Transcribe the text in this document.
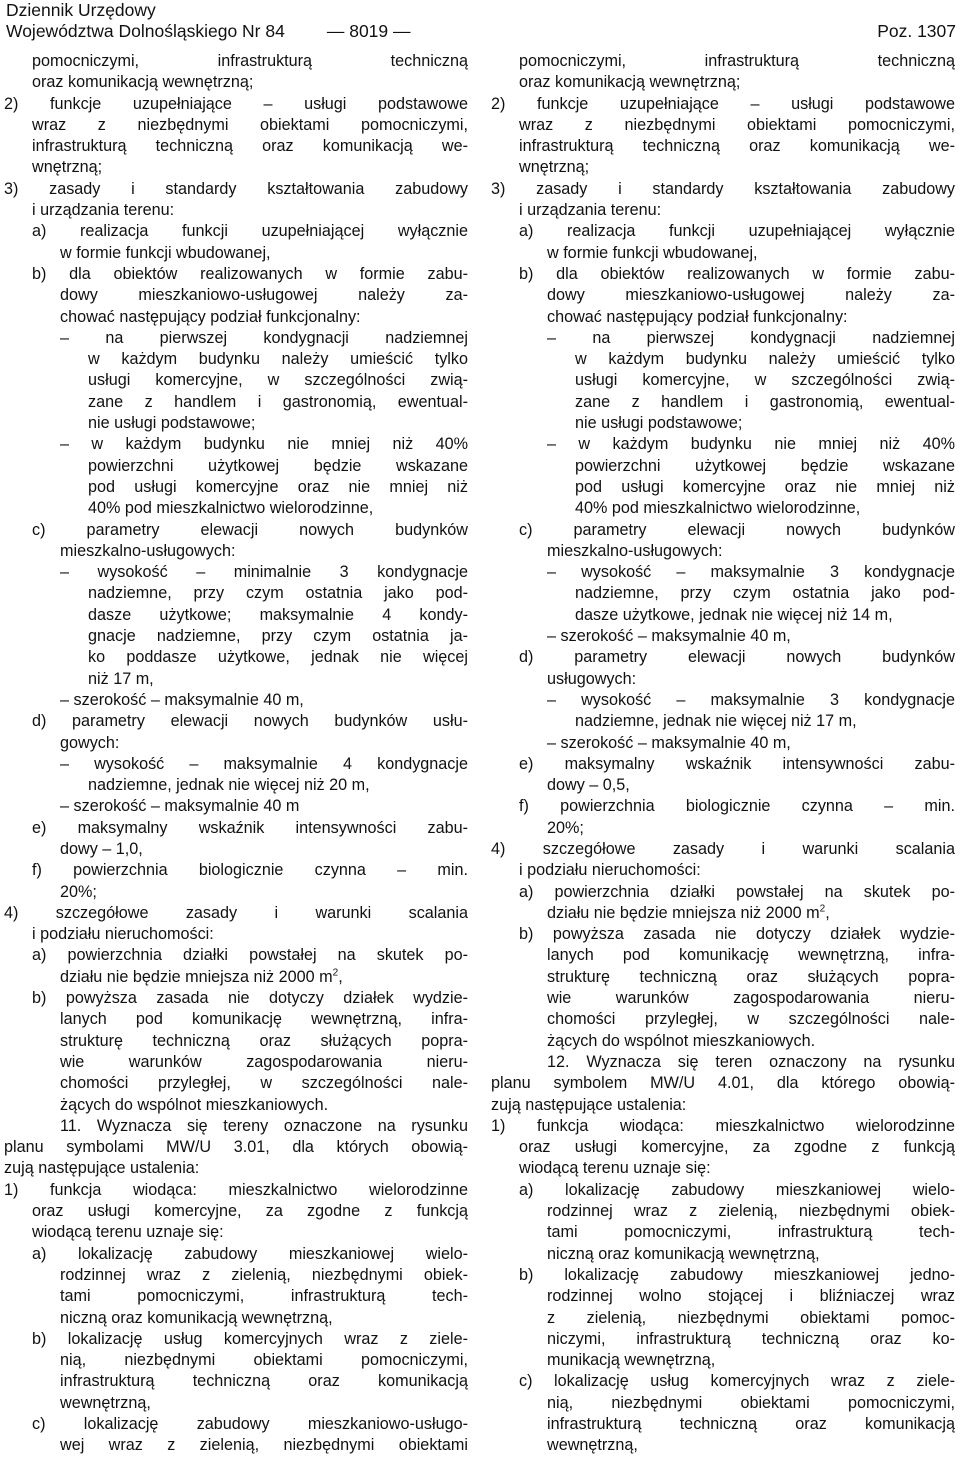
Dziennik Urzędowy
Województwa Dolnośląskiego Nr 84 — 8019 —	Poz. 1307
pomocniczymi, infrastrukturą techniczną
oraz komunikacją wewnętrzną;
2) funkcje uzupełniające – usługi podstawowe
wraz z niezbędnymi obiektami pomocniczymi,
infrastrukturą techniczną oraz komunikacją we-
wnętrzną;
3) zasady i standardy kształtowania zabudowy
i urządzania terenu:
a) realizacja funkcji uzupełniającej wyłącznie
w formie funkcji wbudowanej,
b) dla obiektów realizowanych w formie zabu-
dowy mieszkaniowo-usługowej należy za-
chować następujący podział funkcjonalny:
– na pierwszej kondygnacji nadziemnej
w każdym budynku należy umieścić tylko
usługi komercyjne, w szczególności zwią-
zane z handlem i gastronomią, ewentual-
nie usługi podstawowe;
– w każdym budynku nie mniej niż 40%
powierzchni użytkowej będzie wskazane
pod usługi komercyjne oraz nie mniej niż
40% pod mieszkalnictwo wielorodzinne,
c) parametry elewacji nowych budynków
mieszkalno-usługowych:
– wysokość – minimalnie 3 kondygnacje
nadziemne, przy czym ostatnia jako pod-
dasze użytkowe; maksymalnie 4 kondy-
gnacje nadziemne, przy czym ostatnia ja-
ko poddasze użytkowe, jednak nie więcej
niż 17 m,
– szerokość – maksymalnie 40 m,
d) parametry elewacji nowych budynków usłu-
gowych:
– wysokość – maksymalnie 4 kondygnacje
nadziemne, jednak nie więcej niż 20 m,
– szerokość – maksymalnie 40 m
e) maksymalny wskaźnik intensywności zabu-
dowy – 1,0,
f) powierzchnia biologicznie czynna – min.
20%;
4) szczegółowe zasady i warunki scalania
i podziału nieruchomości:
a) powierzchnia działki powstałej na skutek po-
działu nie będzie mniejsza niż 2000 $m^2$,
b) powyższa zasada nie dotyczy działek wydzie-
lanych pod komunikację wewnętrzną, infra-
strukturę techniczną oraz służących popra-
wie warunków zagospodarowania nieru-
chomości przyległej, w szczególności nale-
żących do wspólnot mieszkaniowych.
11. Wyznacza się tereny oznaczone na rysunku
planu symbolami MW/U 3.01, dla których obowią-
zują następujące ustalenia:
1) funkcja wiodąca: mieszkalnictwo wielorodzinne
oraz usługi komercyjne, za zgodne z funkcją
wiodącą terenu uznaje się:
a) lokalizację zabudowy mieszkaniowej wielo-
rodzinnej wraz z zielenią, niezbędnymi obiek-
tami pomocniczymi, infrastrukturą tech-
niczną oraz komunikacją wewnętrzną,
b) lokalizację usług komercyjnych wraz z ziele-
nią, niezbędnymi obiektami pomocniczymi,
infrastrukturą techniczną oraz komunikacją
wewnętrzną,
c) lokalizację zabudowy mieszkaniowo-usługo-
wej wraz z zielenią, niezbędnymi obiektami
pomocniczymi, infrastrukturą techniczną
oraz komunikacją wewnętrzną;
2) funkcje uzupełniające – usługi podstawowe
wraz z niezbędnymi obiektami pomocniczymi,
infrastrukturą techniczną oraz komunikacją we-
wnętrzną;
3) zasady i standardy kształtowania zabudowy
i urządzania terenu:
a) realizacja funkcji uzupełniającej wyłącznie
w formie funkcji wbudowanej,
b) dla obiektów realizowanych w formie zabu-
dowy mieszkaniowo-usługowej należy za-
chować następujący podział funkcjonalny:
– na pierwszej kondygnacji nadziemnej
w każdym budynku należy umieścić tylko
usługi komercyjne, w szczególności zwią-
zane z handlem i gastronomią, ewentual-
nie usługi podstawowe;
– w każdym budynku nie mniej niż 40%
powierzchni użytkowej będzie wskazane
pod usługi komercyjne oraz nie mniej niż
40% pod mieszkalnictwo wielorodzinne,
c) parametry elewacji nowych budynków
mieszkalno-usługowych:
– wysokość – maksymalnie 3 kondygnacje
nadziemne, przy czym ostatnia jako pod-
dasze użytkowe, jednak nie więcej niż 14 m,
– szerokość – maksymalnie 40 m,
d) parametry elewacji nowych budynków
usługowych:
– wysokość – maksymalnie 3 kondygnacje
nadziemne, jednak nie więcej niż 17 m,
– szerokość – maksymalnie 40 m,
e) maksymalny wskaźnik intensywności zabu-
dowy – 0,5,
f) powierzchnia biologicznie czynna – min.
20%;
4) szczegółowe zasady i warunki scalania
i podziału nieruchomości:
a) powierzchnia działki powstałej na skutek po-
działu nie będzie mniejsza niż 2000 $m^2$,
b) powyższa zasada nie dotyczy działek wydzie-
lanych pod komunikację wewnętrzną, infra-
strukturę techniczną oraz służących popra-
wie warunków zagospodarowania nieru-
chomości przyległej, w szczególności nale-
żących do wspólnot mieszkaniowych.
12. Wyznacza się teren oznaczony na rysunku
planu symbolem MW/U 4.01, dla którego obowią-
zują następujące ustalenia:
1) funkcja wiodąca: mieszkalnictwo wielorodzinne
oraz usługi komercyjne, za zgodne z funkcją
wiodącą terenu uznaje się:
a) lokalizację zabudowy mieszkaniowej wielo-
rodzinnej wraz z zielenią, niezbędnymi obiek-
tami pomocniczymi, infrastrukturą tech-
niczną oraz komunikacją wewnętrzną,
b) lokalizację zabudowy mieszkaniowej jedno-
rodzinnej wolno stojącej i bliźniaczej wraz
z zielenią, niezbędnymi obiektami pomoc-
niczymi, infrastrukturą techniczną oraz ko-
munikacją wewnętrzną,
c) lokalizację usług komercyjnych wraz z ziele-
nią, niezbędnymi obiektami pomocniczymi,
infrastrukturą techniczną oraz komunikacją
wewnętrzną,
